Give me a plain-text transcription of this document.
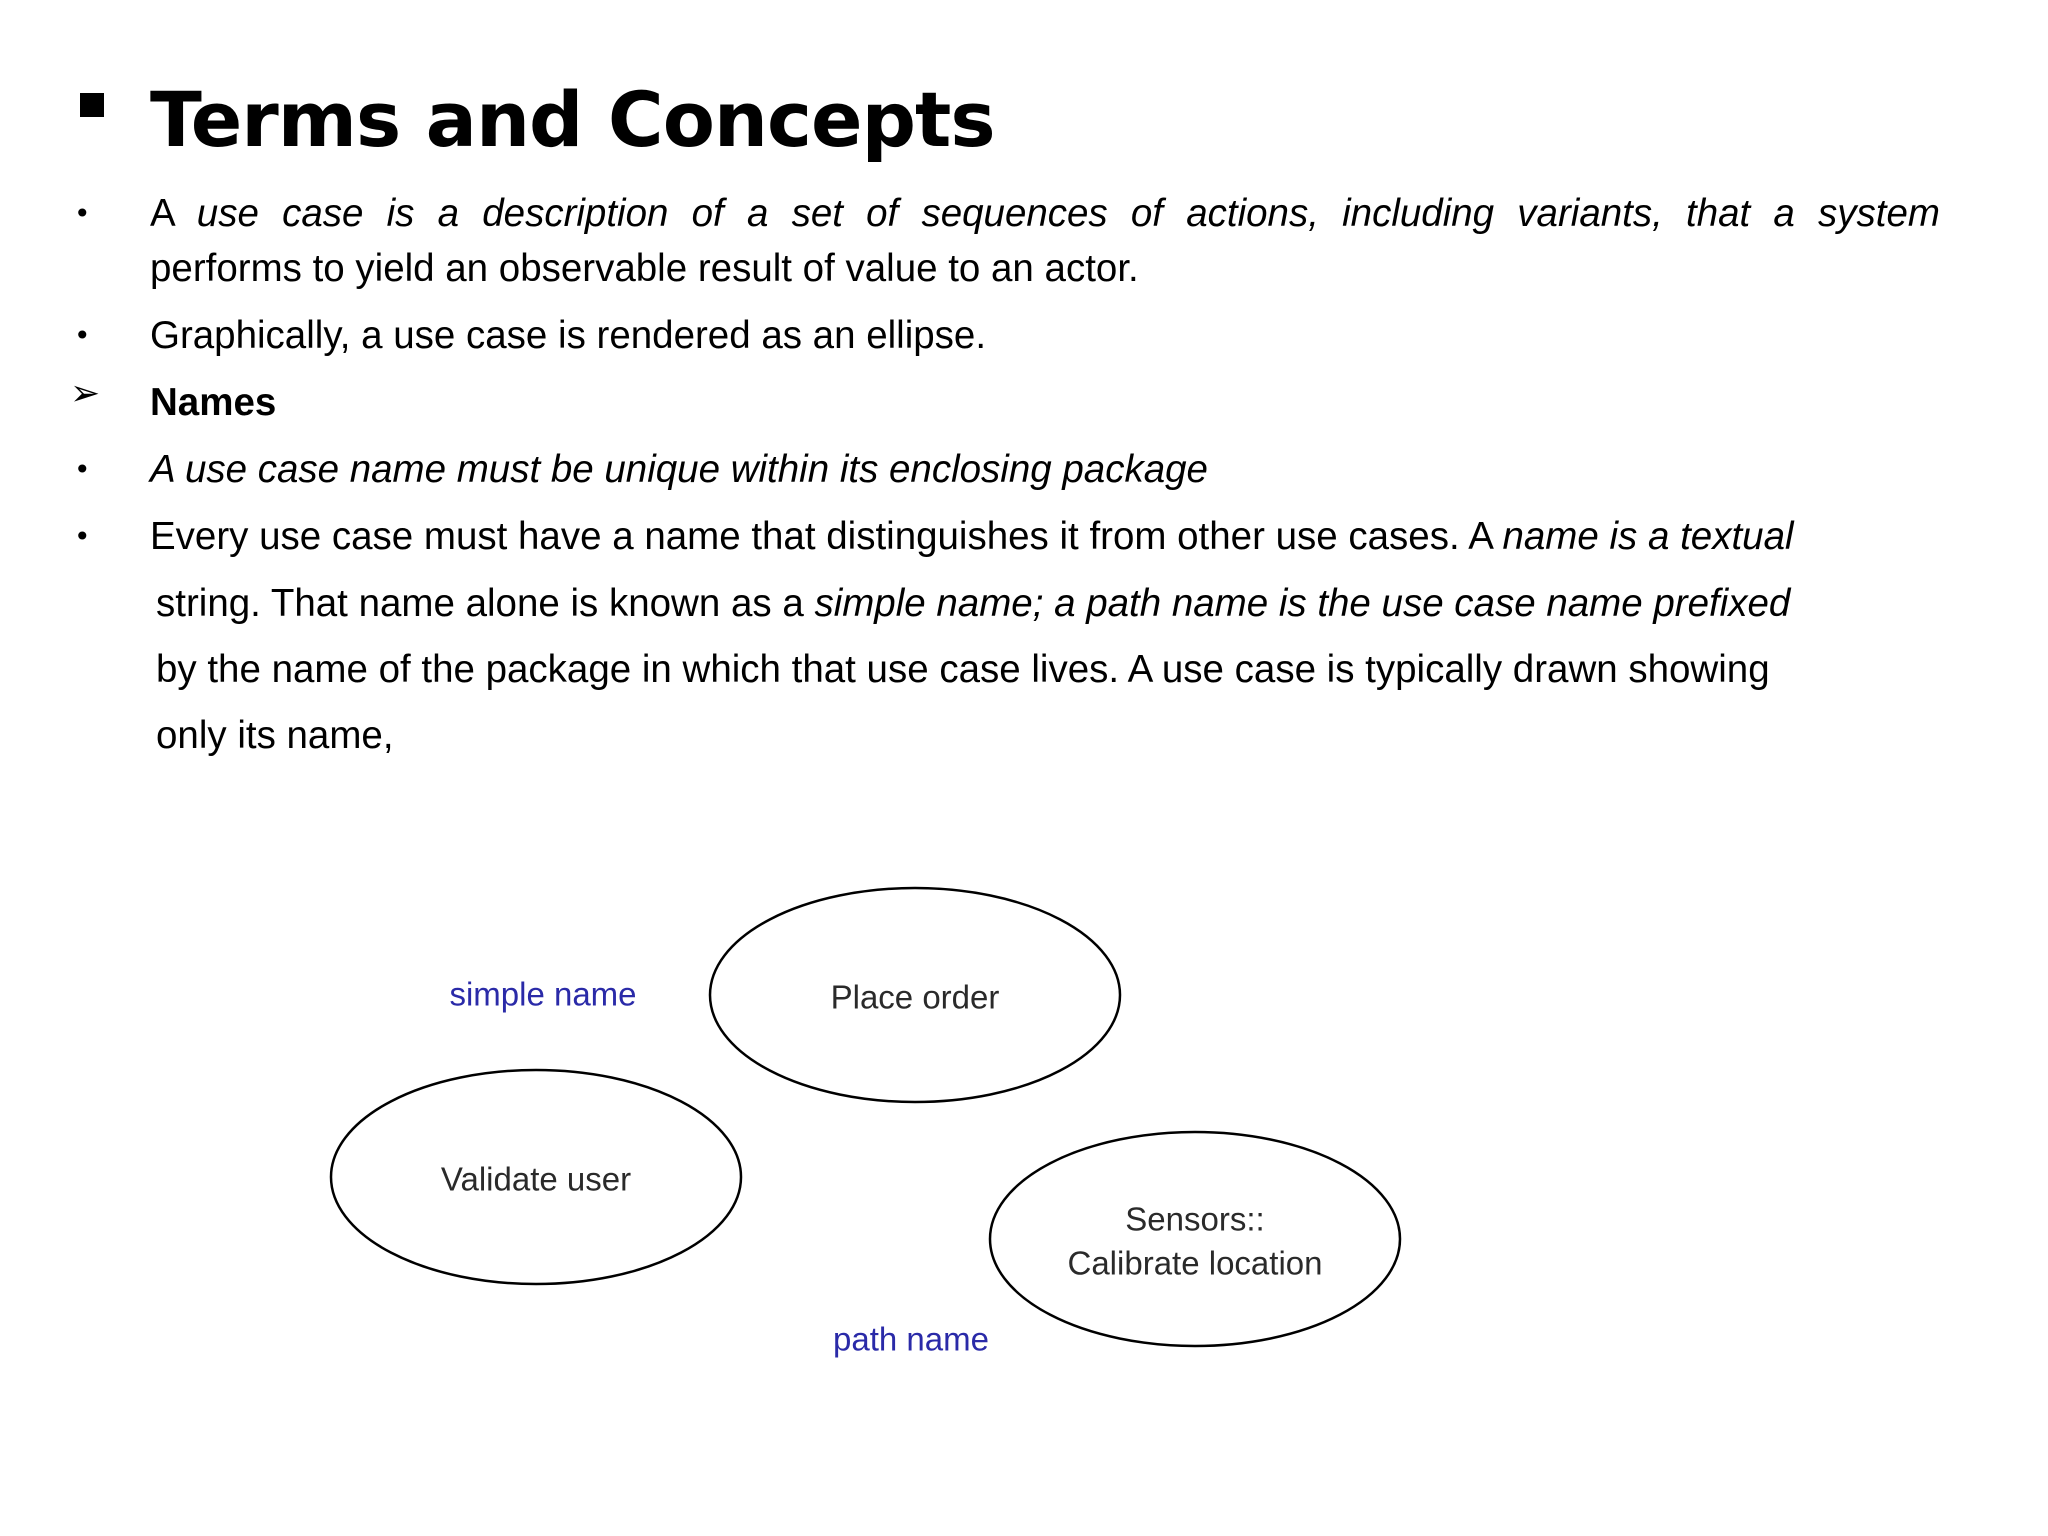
Terms and Concepts
• A use case is a description of a set of sequences of actions, including variants, that a system
performs to yield an observable result of value to an actor.
• Graphically, a use case is rendered as an ellipse.
➢ Names
• A use case name must be unique within its enclosing package
• Every use case must have a name that distinguishes it from other use cases. A name is a textual
string. That name alone is known as a simple name; a path name is the use case name prefixed
by the name of the package in which that use case lives. A use case is typically drawn showing
only its name,
Place order
Validate user
Sensors::
Calibrate location
simple name
path name
